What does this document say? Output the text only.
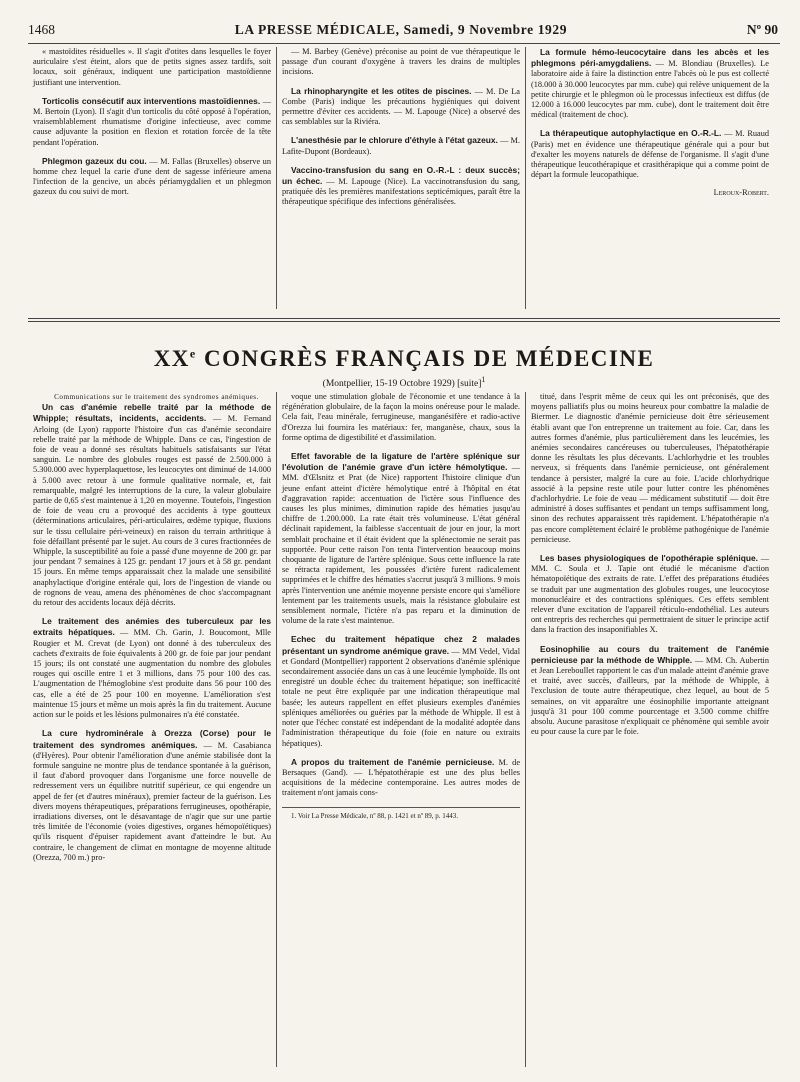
1468	LA PRESSE MÉDICALE, Samedi, 9 Novembre 1929	Nº 90

« mastoïdites résiduelles ». Il s'agit d'otites dans lesquelles le foyer auriculaire s'est éteint, alors que de petits signes assez tardifs, soit locaux, soit généraux, indiquent une participation mastoïdienne justifiant une intervention.

Torticolis consécutif aux interventions mastoïdiennes. — M. Bertoin (Lyon). Il s'agit d'un torticolis du côté opposé à l'opération, vraisemblablement rhumatisme d'origine infectieuse, avec comme cause adjuvante la position en flexion et rotation forcée de la tête pendant l'opération.

Phlegmon gazeux du cou. — M. Fallas (Bruxelles) observe un homme chez lequel la carie d'une dent de sagesse inférieure amena l'infection de la gencive, un abcès périamygdalien et un phlegmon gazeux du cou suivi de mort.

— M. Barbey (Genève) préconise au point de vue thérapeutique le passage d'un courant d'oxygène à travers les drains de multiples incisions.

La rhinopharyngite et les otites de piscines. — M. De La Combe (Paris) indique les précautions hygiéniques qui doivent permettre d'éviter ces accidents. — M. Lapouge (Nice) a observé des cas semblables sur la Riviéra.

L'anesthésie par le chlorure d'éthyle à l'état gazeux. — M. Lafite-Dupont (Bordeaux).

Vaccino-transfusion du sang en O.-R.-L : deux succès; un échec. — M. Lapouge (Nice). La vaccinotransfusion du sang, pratiquée dès les premières manifestations septicémiques, paraît être la thérapeutique spécifique des infections généralisées.

La formule hémo-leucocytaire dans les abcès et les phlegmons péri-amygdaliens. — M. Blondiau (Bruxelles). Le laboratoire aide à faire la distinction entre l'abcès où le pus est collecté (18.000 à 30.000 leucocytes par mm. cube) qui relève uniquement de la petite chirurgie et le phlegmon où le processus infectieux est diffus (de 12.000 à 16.000 leucocytes par mm. cube), dont le traitement doit être médical (traitement de choc).

La thérapeutique autophylactique en O.-R.-L. — M. Ruaud (Paris) met en évidence une thérapeutique générale qui a pour but d'exalter les moyens naturels de défense de l'organisme. Il s'agit d'une thérapeutique leucothérapique et crasithérapique qui a comme point de départ la formule leucopathique.

Leroux-Robert.

XXe CONGRÈS FRANÇAIS DE MÉDECINE
(Montpellier, 15-19 Octobre 1929) [suite]$^1$

Communications sur le traitement des syndromes anémiques.

Un cas d'anémie rebelle traité par la méthode de Whipple; résultats, incidents, accidents. — M. Fernand Arloing (de Lyon) rapporte l'histoire d'un cas d'anémie secondaire rebelle traité par la méthode de Whipple. Dans ce cas, l'ingestion de foie de veau a donné ses résultats habituels satisfaisants sur l'état sanguin. Le nombre des globules rouges est passé de 2.500.000 à 5.300.000 avec hyperplaquettose, les leucocytes ont diminué de 14.000 à 5.000 avec retour à une formule qualitative normale, et, fait remarquable, malgré les interruptions de la cure, la valeur globulaire partie de 0,65 s'est maintenue à 1,20 en moyenne. Toutefois, l'ingestion de foie de veau cru a provoqué des accidents à type goutteux (déterminations articulaires, péri-articulaires, œdème typique, fluxions sur le tissu cellulaire péri-veineux) en raison du terrain arthritique à foie défaillant présenté par le sujet. Au cours de 3 cures fractionnées de Whipple, la susceptibilité au foie a passé d'une moyenne de 200 gr. par jour pendant 7 semaines à 125 gr. pendant 17 jours et à 58 gr. pendant 15 jours. En même temps apparaissait chez la malade une sensibilité anaphylactique d'origine entérale qui, lors de l'ingestion de viande ou de rognons de veau, amena des phénomènes de choc s'accompagnant du retour des accidents locaux déjà décrits.

Le traitement des anémies des tuberculeux par les extraits hépatiques. — MM. Ch. Garin, J. Boucomont, Mlle Rougier et M. Crevat (de Lyon) ont donné à des tuberculeux des cachets d'extraits de foie équivalents à 200 gr. de foie par jour pendant 15 jours; ils ont constaté une augmentation du nombre des globules rouges qui oscille entre 1 et 3 millions, dans 75 pour 100 des cas. L'augmentation de l'hémoglobine s'est produite dans 56 pour 100 des cas, elle a été de 25 pour 100 en moyenne. L'amélioration s'est maintenue 15 jours et même un mois après la fin du traitement. Aucune action sur le poids et les lésions pulmonaires n'a été constatée.

La cure hydrominérale à Orezza (Corse) pour le traitement des syndromes anémiques. — M. Casabianca (d'Hyères). Pour obtenir l'amélioration d'une anémie stabilisée dont la formule sanguine ne montre plus de tendance spontanée à la guérison, il faut d'abord provoquer dans l'organisme une force nouvelle de redressement vers un équilibre nutritif supérieur, ce qui engendre un appel de fer (et d'autres minéraux), premier facteur de la guérison. Les divers moyens thérapeutiques, préparations ferrugineuses, opothérapie, irradiations diverses, ont le désavantage de n'agir que sur une partie très limitée de l'économie (voies digestives, organes hémopoïétiques) qu'ils risquent d'épuiser rapidement avant d'atteindre le but. Au contraire, le changement de climat en montagne de moyenne altitude (Orezza, 700 m.) pro-

voque une stimulation globale de l'économie et une tendance à la régénération globulaire, de la façon la moins onéreuse pour le malade. Cela fait, l'eau minérale, ferrugineuse, manganésifère et radio-active d'Orezza lui fournira les matériaux: fer, manganèse, chaux, sous la forme optima de digestibilité et d'assimilation.

Effet favorable de la ligature de l'artère splénique sur l'évolution de l'anémie grave d'un ictère hémolytique. — MM. d'Œlsnitz et Prat (de Nice) rapportent l'histoire clinique d'un jeune enfant atteint d'ictère hémolytique entré à l'hôpital en état d'aggravation rapide: accentuation de l'ictère sous l'influence des causes les plus minimes, diminution rapide des hématies jusqu'au chiffre de 1.200.000. La rate était très volumineuse. L'état général déclinait rapidement, la faiblesse s'accentuait de jour en jour, la mort semblait prochaine et il était évident que la splénectomie ne serait pas supportée. Pour cette raison l'on tenta l'intervention beaucoup moins choquante de ligature de l'artère splénique. Sous cette influence la rate se rétracta rapidement, les poussées d'ictère furent radicalement supprimées et le chiffre des hématies s'accrut jusqu'à 3 millions. 9 mois après l'intervention une anémie moyenne persiste encore qui s'améliore lentement par les traitements usuels, mais la résistance globulaire est sensiblement normale, l'ictère n'a pas reparu et la diminution de volume de la rate s'est maintenue.

Echec du traitement hépatique chez 2 malades présentant un syndrome anémique grave. — MM Vedel, Vidal et Gondard (Montpellier) rapportent 2 observations d'anémie splénique secondairement associée dans un cas à une leucémie lymphoïde. Ils ont enregistré un double échec du traitement hépatique; son inefficacité totale ne peut être expliquée par une indication thérapeutique mal basée; les auteurs rappellent en effet plusieurs exemples d'anémies spléniques améliorées ou guéries par la méthode de Whipple. Il est à noter que l'échec constaté est indépendant de la modalité adoptée dans l'administration thérapeutique du foie (foie en nature ou extraits hépatiques).

A propos du traitement de l'anémie pernicieuse. M. de Bersaques (Gand). — L'hépatothérapie est une des plus belles acquisitions de la médecine contemporaine. Les autres modes de traitement n'ont jamais cons-

1. Voir La Presse Médicale, nº 88, p. 1421 et nº 89, p. 1443.

titué, dans l'esprit même de ceux qui les ont préconisés, que des moyens palliatifs plus ou moins heureux pour combattre la maladie de Biermer. Le diagnostic d'anémie pernicieuse doit être sérieusement établi avant que l'on entreprenne un traitement au foie. Car, dans les autres formes d'anémie, plus particulièrement dans les leucémies, les anémies secondaires cancéreuses ou tuberculeuses, l'hépatothérapie donne les résultats les plus décevants. L'achlorhydrie et les troubles nerveux, si fréquents dans l'anémie pernicieuse, ont généralement tendance à persister, malgré la cure au foie. L'acide chlorhydrique associé à la pepsine reste utile pour lutter contre les phénomènes d'achlorhydrie. Le foie de veau — médicament substitutif — doit être administré à doses suffisantes et pendant un temps suffisamment long, sinon des rechutes apparaissent très rapidement. L'hépatothérapie n'a pas encore complètement éclairé le problème pathogénique de l'anémie pernicieuse.

Les bases physiologiques de l'opothérapie splénique. — MM. C. Soula et J. Tapie ont étudié le mécanisme d'action hématopoïétique des extraits de rate. L'effet des préparations étudiées se traduit par une augmentation des globules rouges, une leucocytose mononucléaire et des contractions spléniques. Ces effets semblent relever d'une excitation de l'appareil réticulo-endothélial. Les auteurs ont entrepris des recherches qui permettraient de situer le principe actif dans la fraction des insaponifiables X.

Eosinophilie au cours du traitement de l'anémie pernicieuse par la méthode de Whipple. — MM. Ch. Aubertin et Jean Lereboullet rapportent le cas d'un malade atteint d'anémie grave et traité, avec succès, d'ailleurs, par la méthode de Whipple, à l'exclusion de toute autre thérapeutique, chez lequel, au bout de 5 semaines, on vit apparaître une éosinophilie importante atteignant jusqu'à 31 pour 100 comme pourcentage et 3.500 comme chiffre absolu. Aucune parasitose n'expliquait ce phénomène qui semble avoir eu pour cause la cure par le foie.
